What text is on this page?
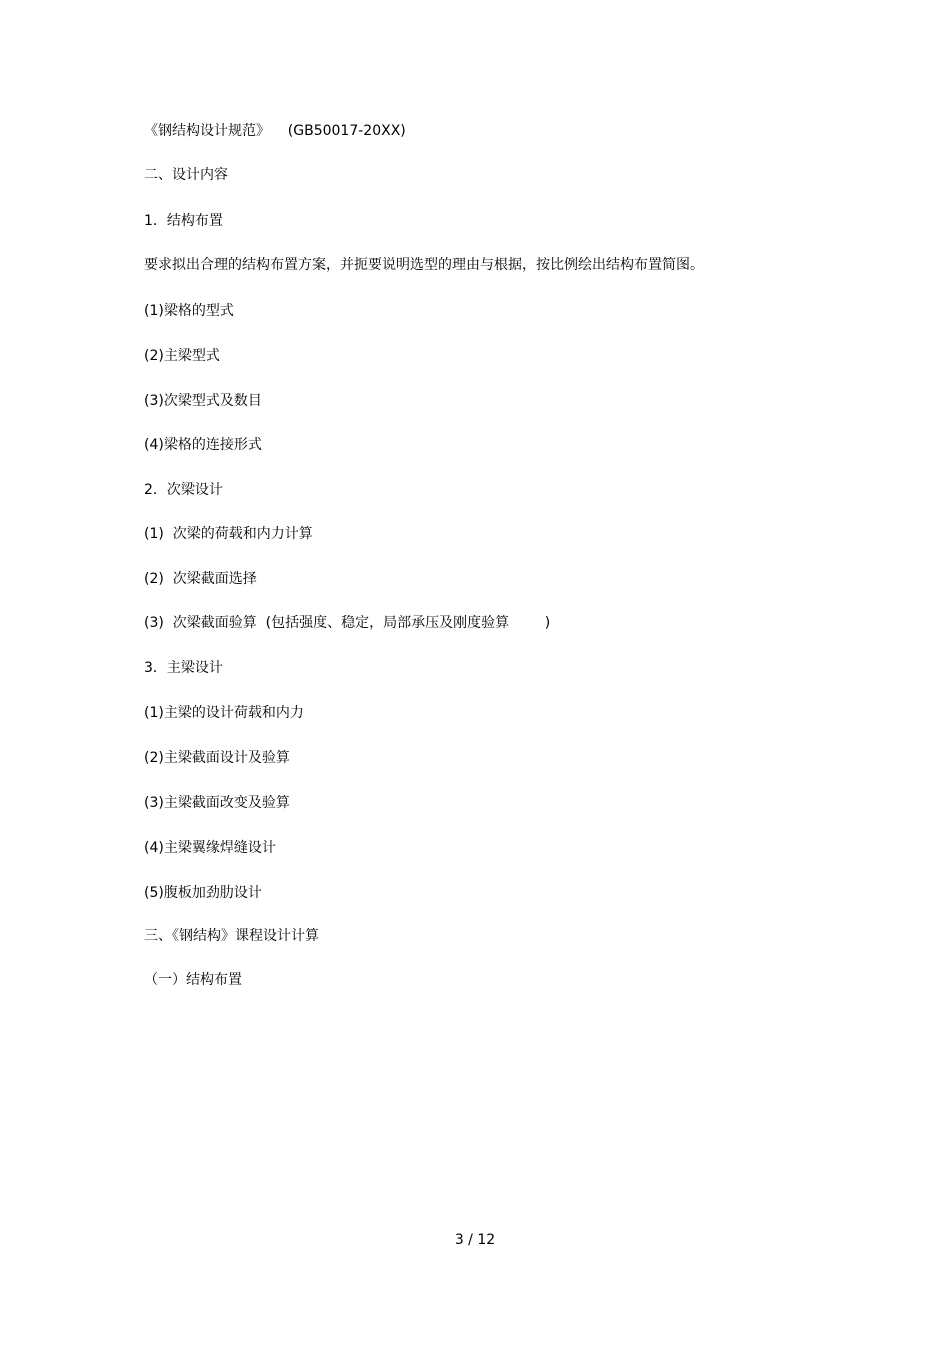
《钢结构设计规范》    (GB50017-20XX)
二、设计内容
1．结构布置
要求拟出合理的结构布置方案，并扼要说明选型的理由与根据，按比例绘出结构布置简图。
(1)梁格的型式
(2)主梁型式
(3)次梁型式及数目
(4)梁格的连接形式
2．次梁设计
(1)  次梁的荷载和内力计算
(2)  次梁截面选择
(3)  次梁截面验算  (包括强度、稳定，局部承压及刚度验算        )
3．主梁设计
(1)主梁的设计荷载和内力
(2)主梁截面设计及验算
(3)主梁截面改变及验算
(4)主梁翼缘焊缝设计
(5)腹板加劲肋设计
三、《钢结构》课程设计计算
（一）结构布置
3 / 12
